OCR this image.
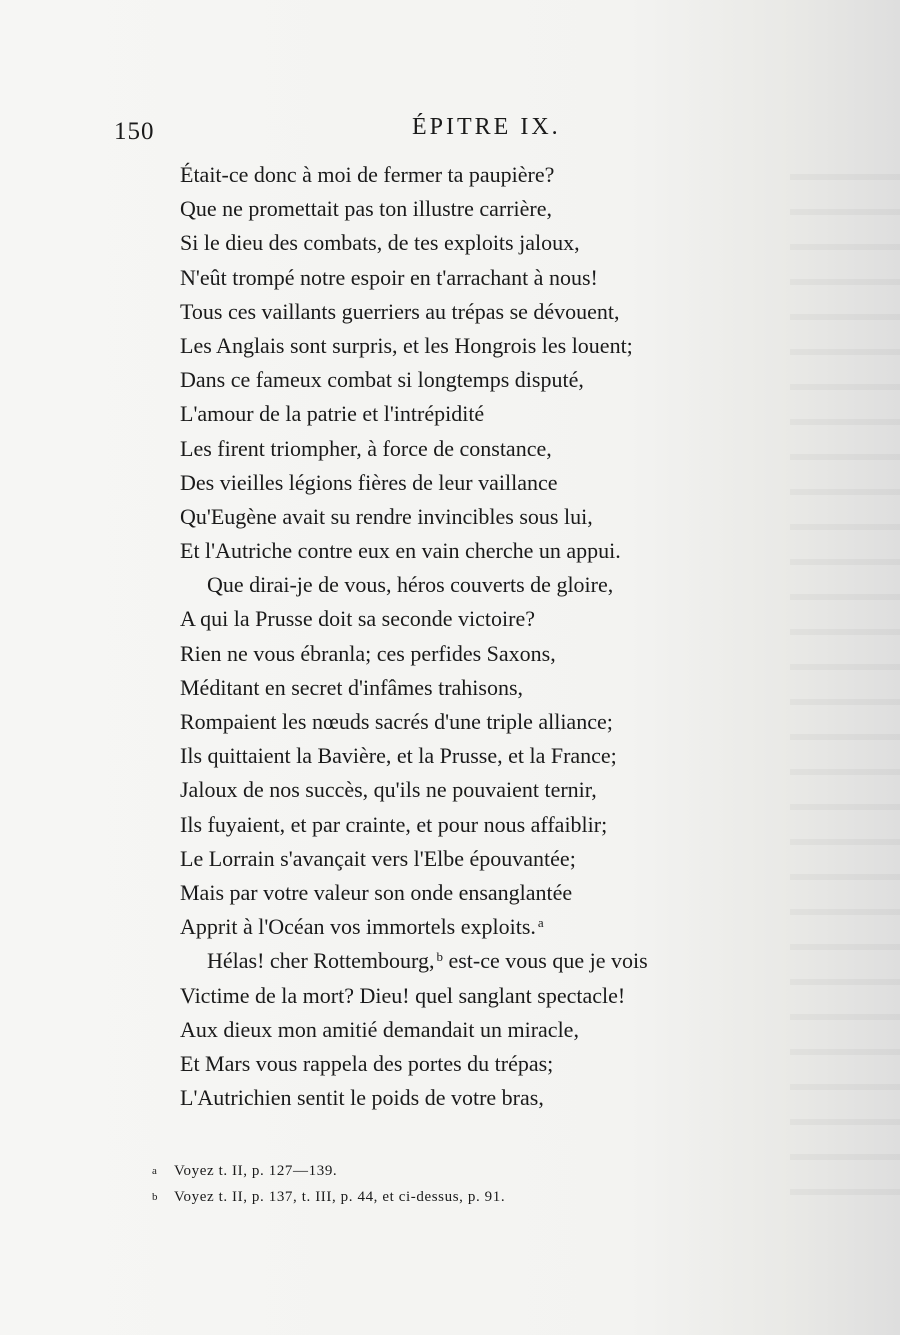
150	ÉPITRE IX.
Était-ce donc à moi de fermer ta paupière?
Que ne promettait pas ton illustre carrière,
Si le dieu des combats, de tes exploits jaloux,
N'eût trompé notre espoir en t'arrachant à nous!
Tous ces vaillants guerriers au trépas se dévouent,
Les Anglais sont surpris, et les Hongrois les louent;
Dans ce fameux combat si longtemps disputé,
L'amour de la patrie et l'intrépidité
Les firent triompher, à force de constance,
Des vieilles légions fières de leur vaillance
Qu'Eugène avait su rendre invincibles sous lui,
Et l'Autriche contre eux en vain cherche un appui.
Que dirai-je de vous, héros couverts de gloire,
A qui la Prusse doit sa seconde victoire?
Rien ne vous ébranla; ces perfides Saxons,
Méditant en secret d'infâmes trahisons,
Rompaient les nœuds sacrés d'une triple alliance;
Ils quittaient la Bavière, et la Prusse, et la France;
Jaloux de nos succès, qu'ils ne pouvaient ternir,
Ils fuyaient, et par crainte, et pour nous affaiblir;
Le Lorrain s'avançait vers l'Elbe épouvantée;
Mais par votre valeur son onde ensanglantée
Apprit à l'Océan vos immortels exploits. $^a$
Hélas! cher Rottembourg, $^b$ est-ce vous que je vois
Victime de la mort? Dieu! quel sanglant spectacle!
Aux dieux mon amitié demandait un miracle,
Et Mars vous rappela des portes du trépas;
L'Autrichien sentit le poids de votre bras,
a Voyez t. II, p. 127—139.
b Voyez t. II, p. 137, t. III, p. 44, et ci-dessus, p. 91.
